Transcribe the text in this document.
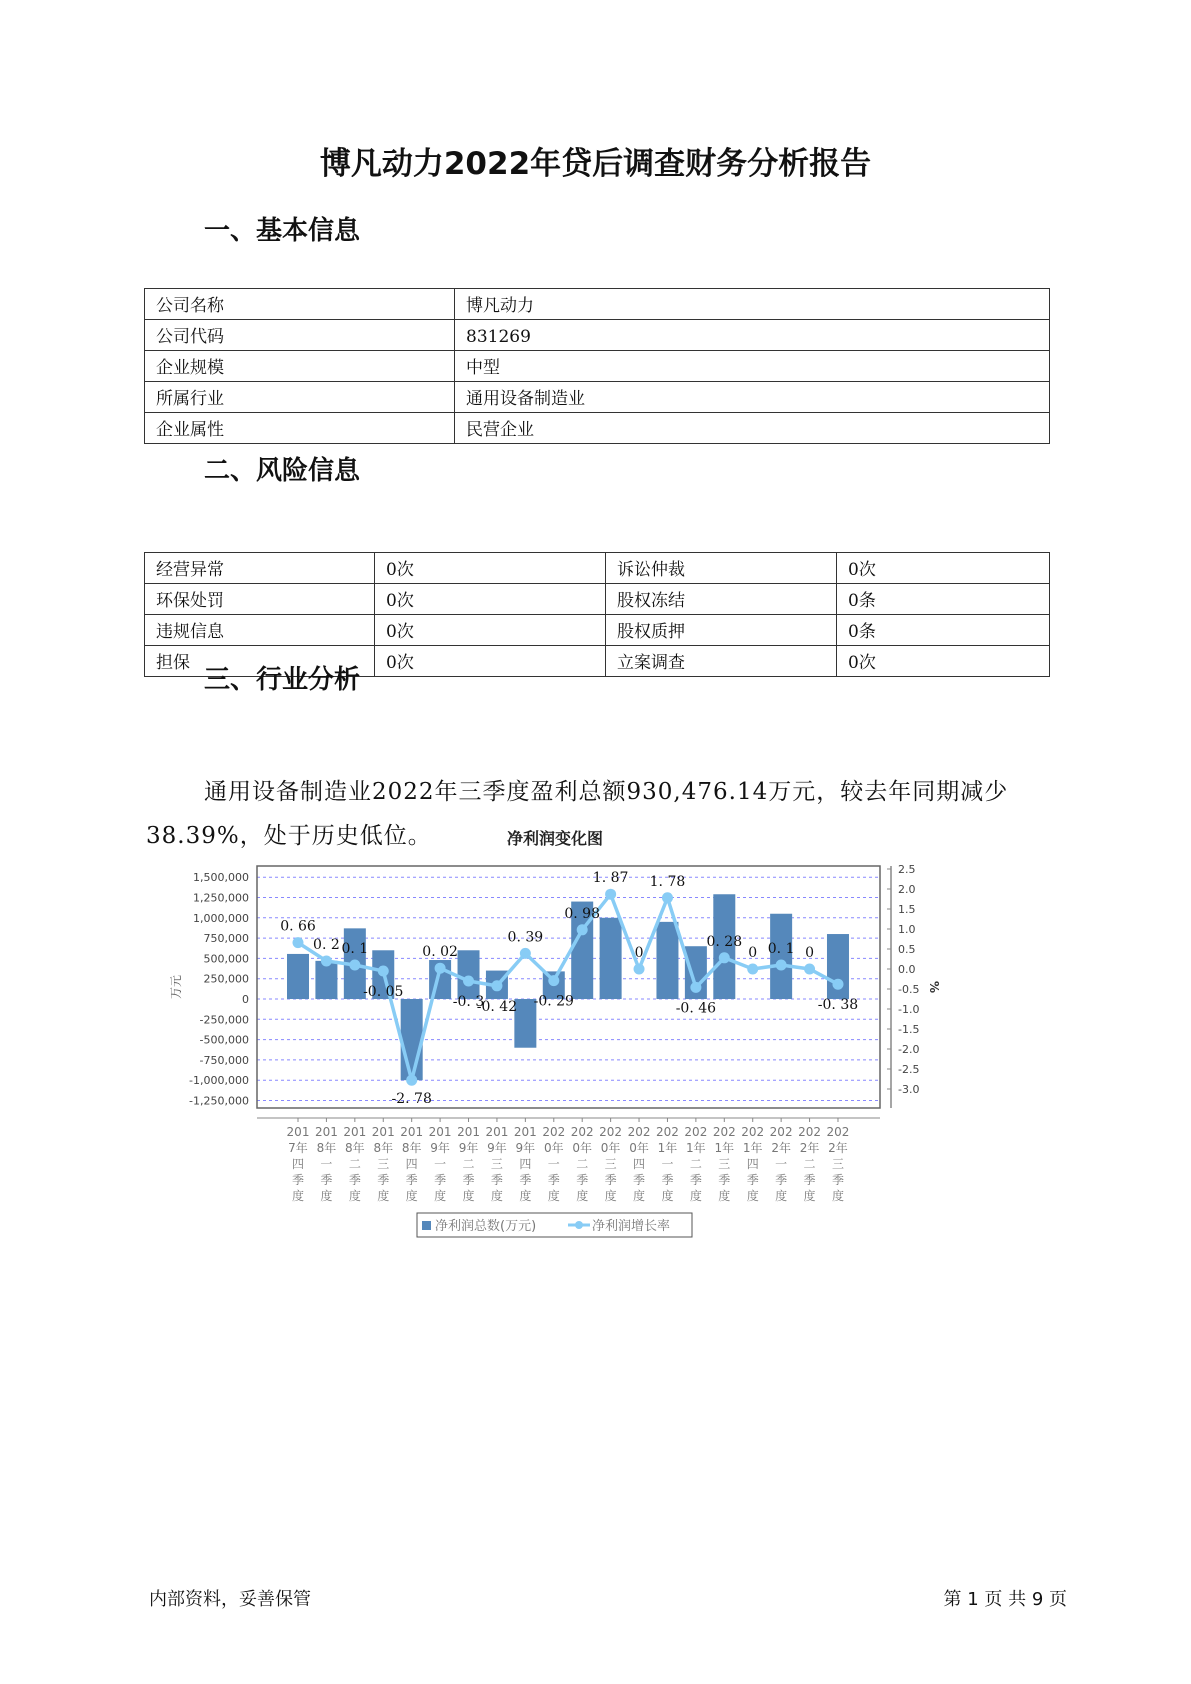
博凡动力2022年贷后调查财务分析报告
一、基本信息
公司名称	博凡动力
公司代码	831269
企业规模	中型
所属行业	通用设备制造业
企业属性	民营企业
二、风险信息
经营异常	0次	诉讼仲裁	0次
环保处罚	0次	股权冻结	0条
违规信息	0次	股权质押	0条
担保	0次	立案调查	0次
三、行业分析
通用设备制造业2022年三季度盈利总额930,476.14万元，较去年同期减少38.39%，处于历史低位。	净利润变化图
1,500,000
1,250,000
1,000,000
750,000
500,000
250,000
0
-250,000
-500,000
-750,000
-1,000,000
-1,250,000
2.5
2.0
1.5
1.0
0.5
0.0
-0.5
-1.0
-1.5
-2.0
-2.5
-3.0
万元	%
201 7年四季度
201 8年一季度
201 8年二季度
201 8年三季度
201 8年四季度
201 9年一季度
201 9年二季度
201 9年三季度
201 9年四季度
202 0年一季度
202 0年二季度
202 0年三季度
202 0年四季度
202 1年一季度
202 1年二季度
202 1年三季度
202 1年四季度
202 2年一季度
202 2年二季度
202 2年三季度
0. 66
0. 2 0. 1
-0. 05
-2. 78
0. 02
-0. 3
-0. 42
0. 39
-0. 29
0. 98
1. 87
0
1. 78
-0. 46
0. 28
0 0. 1 0
-0. 38
净利润总数(万元)	净利润增长率
内部资料，妥善保管	第 1 页 共 9 页
